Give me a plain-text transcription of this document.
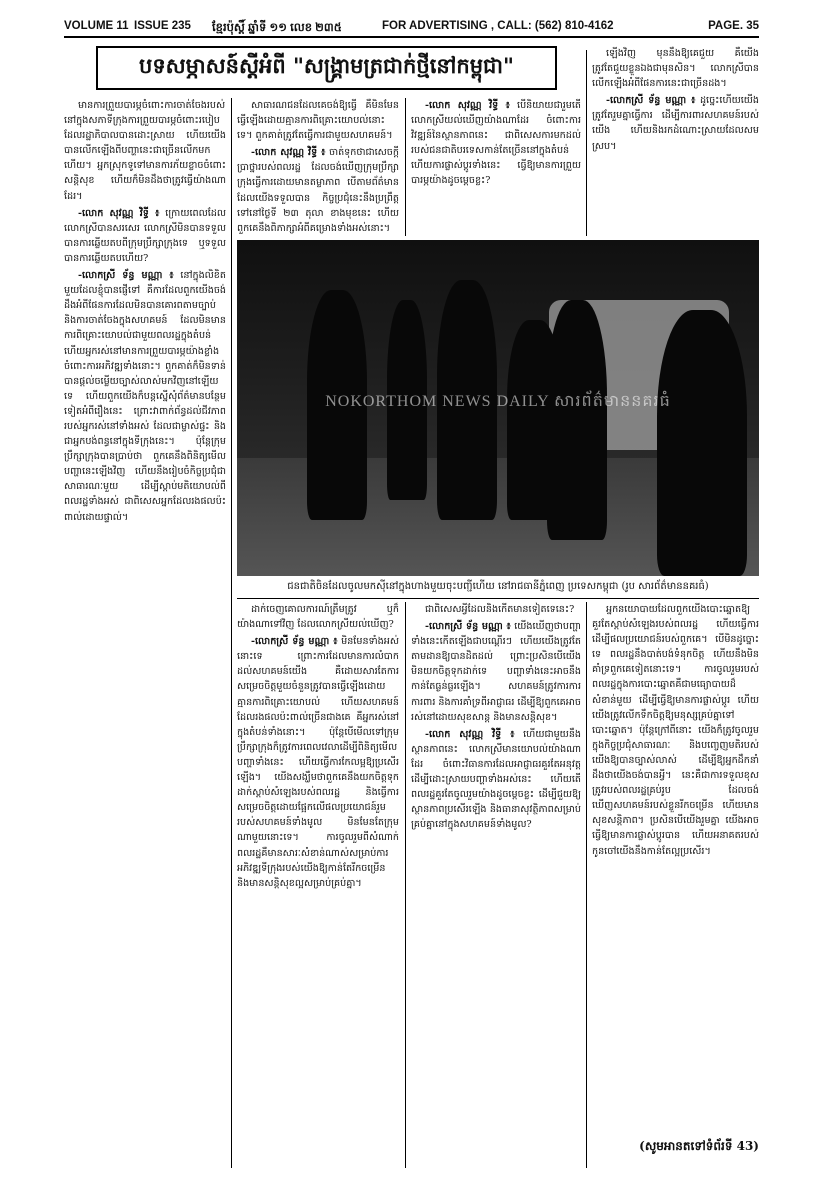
VOLUME 11 ISSUE 235 ខ្មែរប៉ុស្តិ៍ ឆ្នាំទី ១១ លេខ ២៣៥	FOR ADVERTISING , CALL: (562) 810-4162	PAGE. 35
បទសម្ភាសន៍ស្ដីអំពី "សង្គ្រាមត្រជាក់ថ្មីនៅកម្ពុជា"

មានការព្រួយបារម្ភចំពោះការចាត់ចែងរបស់ នៅក្នុងសភាទីក្រុងការព្រួយបារម្ភចំពោះរបៀបដែលរដ្ឋាភិបាលបានដោះស្រាយ ហើយយើងបានលើកឡើងពីបញ្ហានេះជាច្រើនលើកមកហើយ។ អ្នកស្រុកទូទៅមានការភ័យខ្លាចចំពោះសន្តិសុខ ហើយក៏មិនដឹងថាត្រូវធ្វើយ៉ាងណាដែរ។

-លោក សុវណ្ណ វិទ្ធី ៖ ក្រោយពេលដែលលោកស្រីបានសរសេរ លោកស្រីមិនបានទទួលបានការឆ្លើយតបពីក្រុមប្រឹក្សាក្រុងទេ ឬទទួលបានការឆ្លើយតបហើយ?

-លោកស្រី ទ័ន្ធ មណ្ណា ៖ នៅក្នុងលិខិតមួយដែលខ្ញុំបានផ្ញើទៅ គឺការដែលពួកយើងចង់ដឹងអំពីផែនការដែលមិនបានគោរពតាមច្បាប់ និងការចាត់ចែងក្នុងសហគមន៍ ដែលមិនមានការពិគ្រោះយោបល់ជាមួយពលរដ្ឋក្នុងតំបន់ ហើយអ្នករស់នៅមានការព្រួយបារម្ភយ៉ាងខ្លាំងចំពោះការអភិវឌ្ឍទាំងនោះ។ ពួកគាត់ក៏មិនទាន់បានផ្តល់ចម្លើយច្បាស់លាស់មកវិញនៅឡើយទេ ហើយពួកយើងក៏បន្តស្នើសុំព័ត៌មានបន្ថែមទៀតអំពីរឿងនេះ ព្រោះវាពាក់ព័ន្ធដល់ជីវភាពរបស់អ្នករស់នៅទាំងអស់ ដែលជាម្ចាស់ផ្ទះ និងជាអ្នកបង់ពន្ធនៅក្នុងទីក្រុងនេះ។ ប៉ុន្តែក្រុមប្រឹក្សាក្រុងបានប្រាប់ថា ពួកគេនឹងពិនិត្យមើលបញ្ហានេះឡើងវិញ ហើយនឹងរៀបចំកិច្ចប្រជុំជាសាធារណៈមួយ ដើម្បីស្តាប់មតិយោបល់ពីពលរដ្ឋទាំងអស់ ជាពិសេសអ្នកដែលរងផលប៉ះពាល់ដោយផ្ទាល់។

សាធារណជនដែលគេចង់ឱ្យធ្វើ គឺមិនមែនធ្វើឡើងដោយគ្មានការពិគ្រោះយោបល់នោះទេ។ ពួកគាត់ត្រូវតែធ្វើការជាមួយសហគមន៍។

-លោក សុវណ្ណ វិទ្ធី ៖ ចាត់ទុកថាជាសេចក្តីប្រាថ្នារបស់ពលរដ្ឋ ដែលចង់ឃើញក្រុមប្រឹក្សាក្រុងធ្វើការដោយមានតម្លាភាព បើតាមព័ត៌មានដែលយើងទទួលបាន កិច្ចប្រជុំនេះនឹងប្រព្រឹត្តទៅនៅថ្ងៃទី ២៣ តុលា ខាងមុខនេះ ហើយពួកគេនឹងពិភាក្សាអំពីគម្រោងទាំងអស់នោះ។

-លោក សុវណ្ណ វិទ្ធី ៖ បើនិយាយជារួមតើលោកស្រីយល់ឃើញយ៉ាងណាដែរ ចំពោះការវិវឌ្ឍន៍នៃស្ថានភាពនេះ ជាពិសេសការមកដល់របស់ជនជាតិបរទេសកាន់តែច្រើននៅក្នុងតំបន់ ហើយការផ្លាស់ប្តូរទាំងនេះ ធ្វើឱ្យមានការព្រួយបារម្ភយ៉ាងដូចម្តេចខ្លះ?

ឡើងវិញ មុននឹងឱ្យគេជួយ គឺយើងត្រូវតែជួយខ្លួនឯងជាមុនសិន។ លោកស្រីបានលើកឡើងអំពីផែនការនេះជាច្រើនដង។

-លោកស្រី ទ័ន្ធ មណ្ណា ៖ ដូច្នេះហើយយើងត្រូវតែរួមគ្នាធ្វើការ ដើម្បីការពារសហគមន៍របស់យើង ហើយនិងរកដំណោះស្រាយដែលសមស្រប។

NOKORTHOM NEWS DAILY សារព័ត៌មាននគរធំ
ជនជាតិចិនដែលចូលមកស៊ីនៅក្នុងហាងមួយចុះបញ្ជីហើយ នៅរាជធានីភ្នំពេញ ប្រទេសកម្ពុជា (រូប សារព័ត៌មាននគរធំ)

ដាក់ចេញគោលការណ៍ត្រឹមត្រូវ ឬក៏យ៉ាងណាទៅវិញ ដែលលោកស្រីយល់ឃើញ?

-លោកស្រី ទ័ន្ធ មណ្ណា ៖ មិនមែនទាំងអស់នោះទេ ព្រោះការដែលមានការលំបាកដល់សហគមន៍យើង គឺដោយសារតែការសម្រេចចិត្តមួយចំនួនត្រូវបានធ្វើឡើងដោយគ្មានការពិគ្រោះយោបល់ ហើយសហគមន៍ដែលរងផលប៉ះពាល់ច្រើនជាងគេ គឺអ្នករស់នៅក្នុងតំបន់ទាំងនោះ។ ប៉ុន្តែបើមើលទៅក្រុមប្រឹក្សាក្រុងក៏ត្រូវការពេលវេលាដើម្បីពិនិត្យមើលបញ្ហាទាំងនេះ ហើយធ្វើការកែលម្អឱ្យប្រសើរឡើង។ យើងសង្ឃឹមថាពួកគេនឹងយកចិត្តទុកដាក់ស្តាប់សំឡេងរបស់ពលរដ្ឋ និងធ្វើការសម្រេចចិត្តដោយផ្អែកលើផលប្រយោជន៍រួមរបស់សហគមន៍ទាំងមូល មិនមែនតែក្រុមណាមួយនោះទេ។ ការចូលរួមពីសំណាក់ពលរដ្ឋគឺមានសារៈសំខាន់ណាស់សម្រាប់ការអភិវឌ្ឍទីក្រុងរបស់យើងឱ្យកាន់តែរីកចម្រើន និងមានសន្តិសុខល្អសម្រាប់គ្រប់គ្នា។

ជាពិសេសអ្វីដែលនិងកើតមានទៀតទេនេះ?

-លោកស្រី ទ័ន្ធ មណ្ណា ៖ យើងឃើញថាបញ្ហាទាំងនេះកើតឡើងជាបណ្តើរៗ ហើយយើងត្រូវតែតាមដានឱ្យបានដិតដល់ ព្រោះប្រសិនបើយើងមិនយកចិត្តទុកដាក់ទេ បញ្ហាទាំងនេះអាចនឹងកាន់តែធ្ងន់ធ្ងរឡើង។ សហគមន៍ត្រូវការការការពារ និងការគាំទ្រពីអាជ្ញាធរ ដើម្បីឱ្យពួកគេអាចរស់នៅដោយសុខសាន្ត និងមានសន្តិសុខ។

-លោក សុវណ្ណ វិទ្ធី ៖ ហើយជាមួយនឹងស្ថានភាពនេះ លោកស្រីមានយោបល់យ៉ាងណាដែរ ចំពោះវិធានការដែលអាជ្ញាធរគួរតែអនុវត្ត ដើម្បីដោះស្រាយបញ្ហាទាំងអស់នេះ ហើយតើពលរដ្ឋគួរតែចូលរួមយ៉ាងដូចម្តេចខ្លះ ដើម្បីជួយឱ្យស្ថានភាពប្រសើរឡើង និងធានាសុវត្ថិភាពសម្រាប់គ្រប់គ្នានៅក្នុងសហគមន៍ទាំងមូល?

អ្នកនយោបាយដែលពួកយើងបោះឆ្នោតឱ្យគួរតែស្តាប់សំឡេងរបស់ពលរដ្ឋ ហើយធ្វើការដើម្បីផលប្រយោជន៍របស់ពួកគេ។ បើមិនដូច្នោះទេ ពលរដ្ឋនឹងបាត់បង់ទំនុកចិត្ត ហើយនឹងមិនគាំទ្រពួកគេទៀតនោះទេ។ ការចូលរួមរបស់ពលរដ្ឋក្នុងការបោះឆ្នោតគឺជាមធ្យោបាយដ៏សំខាន់មួយ ដើម្បីធ្វើឱ្យមានការផ្លាស់ប្តូរ ហើយយើងត្រូវលើកទឹកចិត្តឱ្យមនុស្សគ្រប់គ្នាទៅបោះឆ្នោត។ ប៉ុន្តែក្រៅពីនោះ យើងក៏ត្រូវចូលរួមក្នុងកិច្ចប្រជុំសាធារណៈ និងបញ្ចេញមតិរបស់យើងឱ្យបានច្បាស់លាស់ ដើម្បីឱ្យអ្នកដឹកនាំដឹងថាយើងចង់បានអ្វី។ នេះគឺជាការទទួលខុសត្រូវរបស់ពលរដ្ឋគ្រប់រូប ដែលចង់ឃើញសហគមន៍របស់ខ្លួនរីកចម្រើន ហើយមានសុខសន្តិភាព។ ប្រសិនបើយើងរួមគ្នា យើងអាចធ្វើឱ្យមានការផ្លាស់ប្តូរបាន ហើយអនាគតរបស់កូនចៅយើងនឹងកាន់តែល្អប្រសើរ។

(សូមអានតទៅទំព័រទី 43)
